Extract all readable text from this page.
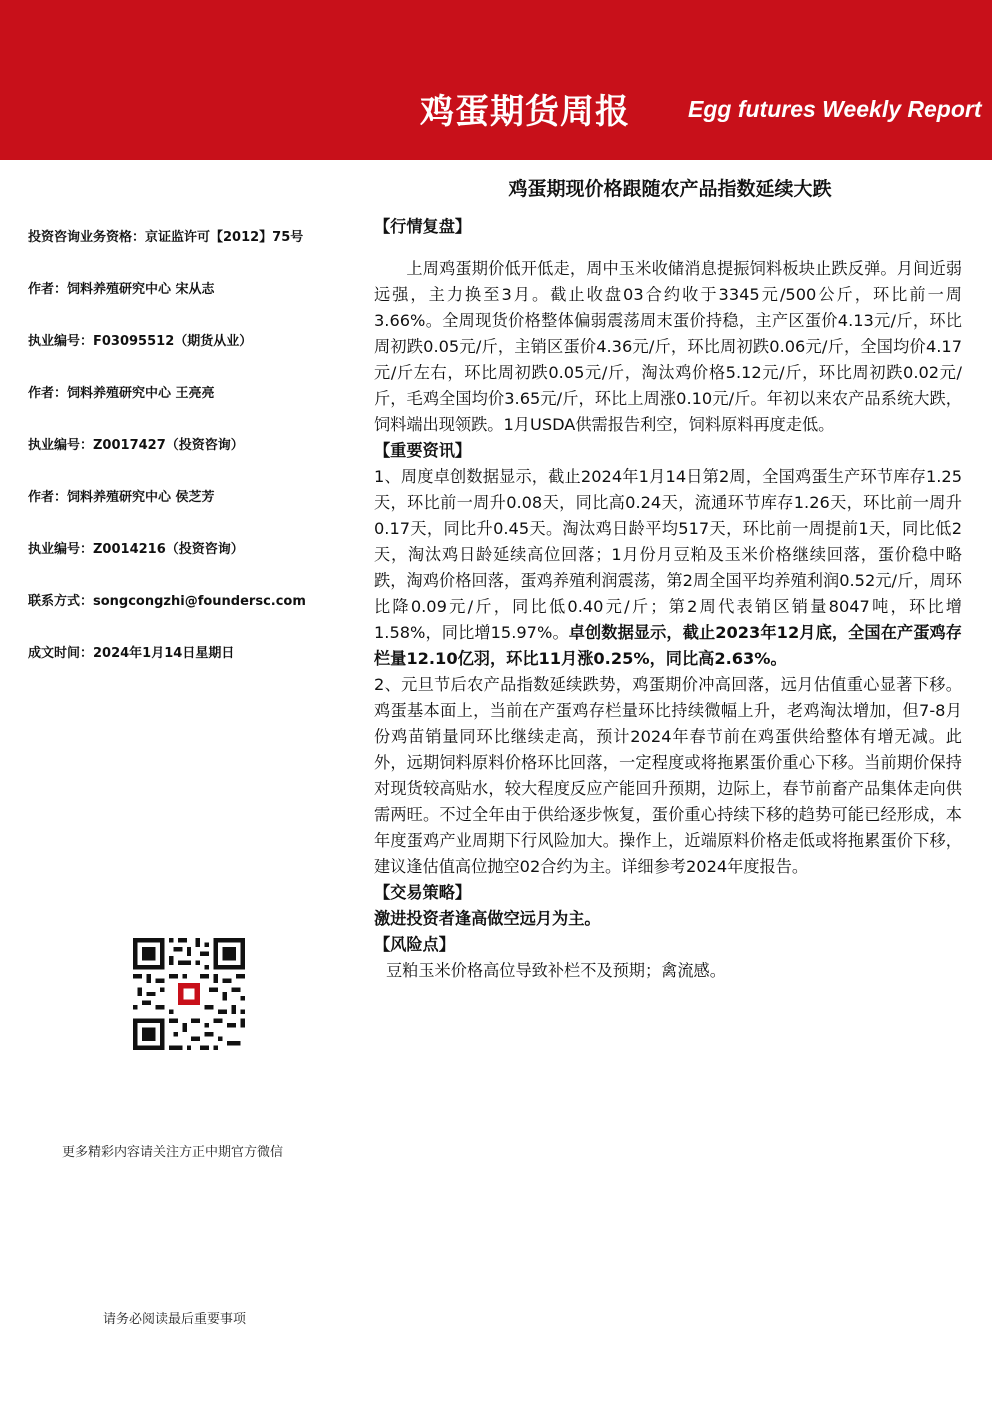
鸡蛋期货周报	Egg futures Weekly Report
鸡蛋期现价格跟随农产品指数延续大跌
投资咨询业务资格：京证监许可【2012】75号
作者：饲料养殖研究中心 宋从志
执业编号：F03095512（期货从业）
作者：饲料养殖研究中心 王亮亮
执业编号：Z0017427（投资咨询）
作者：饲料养殖研究中心 侯芝芳
执业编号：Z0014216（投资咨询）
联系方式：songcongzhi@foundersc.com
成文时间：2024年1月14日星期日
更多精彩内容请关注方正中期官方微信
请务必阅读最后重要事项
【行情复盘】
上周鸡蛋期价低开低走，周中玉米收储消息提振饲料板块止跌反弹。月间近弱远强，主力换至3月。截止收盘03合约收于3345元/500公斤，环比前一周3.66%。全周现货价格整体偏弱震荡周末蛋价持稳，主产区蛋价4.13元/斤，环比周初跌0.05元/斤，主销区蛋价4.36元/斤，环比周初跌0.06元/斤，全国均价4.17元/斤左右，环比周初跌0.05元/斤，淘汰鸡价格5.12元/斤，环比周初跌0.02元/斤，毛鸡全国均价3.65元/斤，环比上周涨0.10元/斤。年初以来农产品系统大跌，饲料端出现领跌。1月USDA供需报告利空，饲料原料再度走低。
【重要资讯】
1、周度卓创数据显示，截止2024年1月14日第2周，全国鸡蛋生产环节库存1.25天，环比前一周升0.08天，同比高0.24天，流通环节库存1.26天，环比前一周升0.17天，同比升0.45天。淘汰鸡日龄平均517天，环比前一周提前1天，同比低2天，淘汰鸡日龄延续高位回落；1月份月豆粕及玉米价格继续回落，蛋价稳中略跌，淘鸡价格回落，蛋鸡养殖利润震荡，第2周全国平均养殖利润0.52元/斤，周环比降0.09元/斤，同比低0.40元/斤；第2周代表销区销量8047吨，环比增1.58%，同比增15.97%。卓创数据显示，截止2023年12月底，全国在产蛋鸡存栏量12.10亿羽，环比11月涨0.25%，同比高2.63%。
2、元旦节后农产品指数延续跌势，鸡蛋期价冲高回落，远月估值重心显著下移。鸡蛋基本面上，当前在产蛋鸡存栏量环比持续微幅上升，老鸡淘汰增加，但7-8月份鸡苗销量同环比继续走高，预计2024年春节前在鸡蛋供给整体有增无减。此外，远期饲料原料价格环比回落，一定程度或将拖累蛋价重心下移。当前期价保持对现货较高贴水，较大程度反应产能回升预期，边际上，春节前畜产品集体走向供需两旺。不过全年由于供给逐步恢复，蛋价重心持续下移的趋势可能已经形成，本年度蛋鸡产业周期下行风险加大。操作上，近端原料价格走低或将拖累蛋价下移，建议逢估值高位抛空02合约为主。详细参考2024年度报告。
【交易策略】
激进投资者逢高做空远月为主。
【风险点】
豆粕玉米价格高位导致补栏不及预期；禽流感。
